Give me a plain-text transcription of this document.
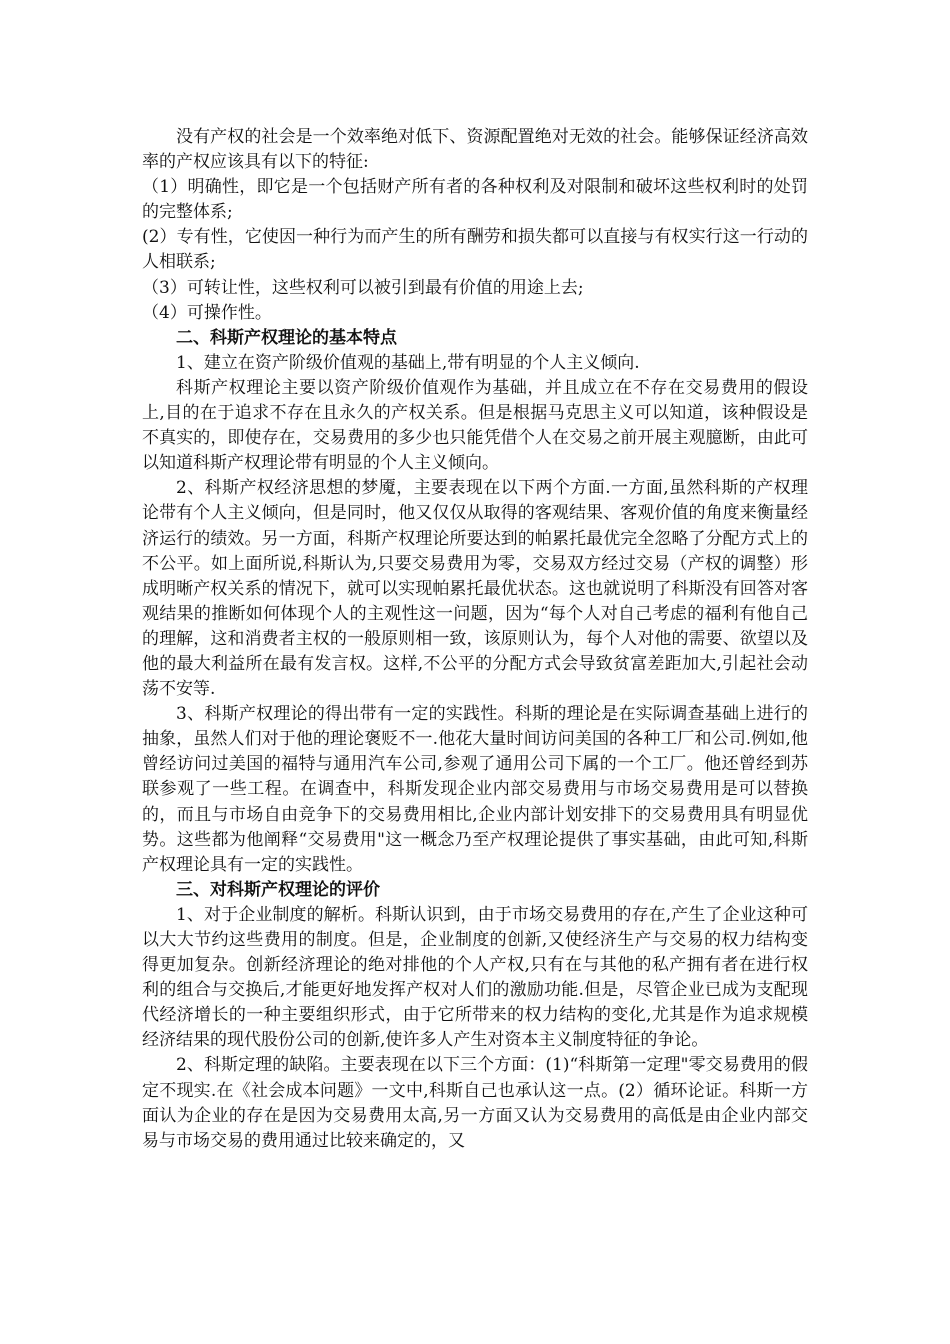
没有产权的社会是一个效率绝对低下、资源配置绝对无效的社会。能够保证经济高效率的产权应该具有以下的特征:

（1）明确性，即它是一个包括财产所有者的各种权利及对限制和破坏这些权利时的处罚的完整体系;

(2）专有性，它使因一种行为而产生的所有酬劳和损失都可以直接与有权实行这一行动的人相联系;

（3）可转让性，这些权利可以被引到最有价值的用途上去;

（4）可操作性。

二、科斯产权理论的基本特点

1、建立在资产阶级价值观的基础上,带有明显的个人主义倾向.

科斯产权理论主要以资产阶级价值观作为基础，并且成立在不存在交易费用的假设上,目的在于追求不存在且永久的产权关系。但是根据马克思主义可以知道，该种假设是不真实的，即使存在，交易费用的多少也只能凭借个人在交易之前开展主观臆断，由此可以知道科斯产权理论带有明显的个人主义倾向。

2、科斯产权经济思想的梦魇，主要表现在以下两个方面.一方面,虽然科斯的产权理论带有个人主义倾向，但是同时，他又仅仅从取得的客观结果、客观价值的角度来衡量经济运行的绩效。另一方面，科斯产权理论所要达到的帕累托最优完全忽略了分配方式上的不公平。如上面所说,科斯认为,只要交易费用为零，交易双方经过交易（产权的调整）形成明晰产权关系的情况下，就可以实现帕累托最优状态。这也就说明了科斯没有回答对客观结果的推断如何体现个人的主观性这一问题，因为“每个人对自己考虑的福利有他自己的理解，这和消费者主权的一般原则相一致，该原则认为，每个人对他的需要、欲望以及他的最大利益所在最有发言权。这样,不公平的分配方式会导致贫富差距加大,引起社会动荡不安等.

3、科斯产权理论的得出带有一定的实践性。科斯的理论是在实际调查基础上进行的抽象，虽然人们对于他的理论褒贬不一.他花大量时间访问美国的各种工厂和公司.例如,他曾经访问过美国的福特与通用汽车公司,参观了通用公司下属的一个工厂。他还曾经到苏联参观了一些工程。在调查中，科斯发现企业内部交易费用与市场交易费用是可以替换的，而且与市场自由竞争下的交易费用相比,企业内部计划安排下的交易费用具有明显优势。这些都为他阐释“交易费用"这一概念乃至产权理论提供了事实基础，由此可知,科斯产权理论具有一定的实践性。

三、对科斯产权理论的评价

1、对于企业制度的解析。科斯认识到，由于市场交易费用的存在,产生了企业这种可以大大节约这些费用的制度。但是，企业制度的创新,又使经济生产与交易的权力结构变得更加复杂。创新经济理论的绝对排他的个人产权,只有在与其他的私产拥有者在进行权利的组合与交换后,才能更好地发挥产权对人们的激励功能.但是，尽管企业已成为支配现代经济增长的一种主要组织形式，由于它所带来的权力结构的变化,尤其是作为追求规模经济结果的现代股份公司的创新,使许多人产生对资本主义制度特征的争论。

2、科斯定理的缺陷。主要表现在以下三个方面：(1)“科斯第一定理"零交易费用的假定不现实.在《社会成本问题》一文中,科斯自己也承认这一点。(2）循环论证。科斯一方面认为企业的存在是因为交易费用太高,另一方面又认为交易费用的高低是由企业内部交易与市场交易的费用通过比较来确定的，又
